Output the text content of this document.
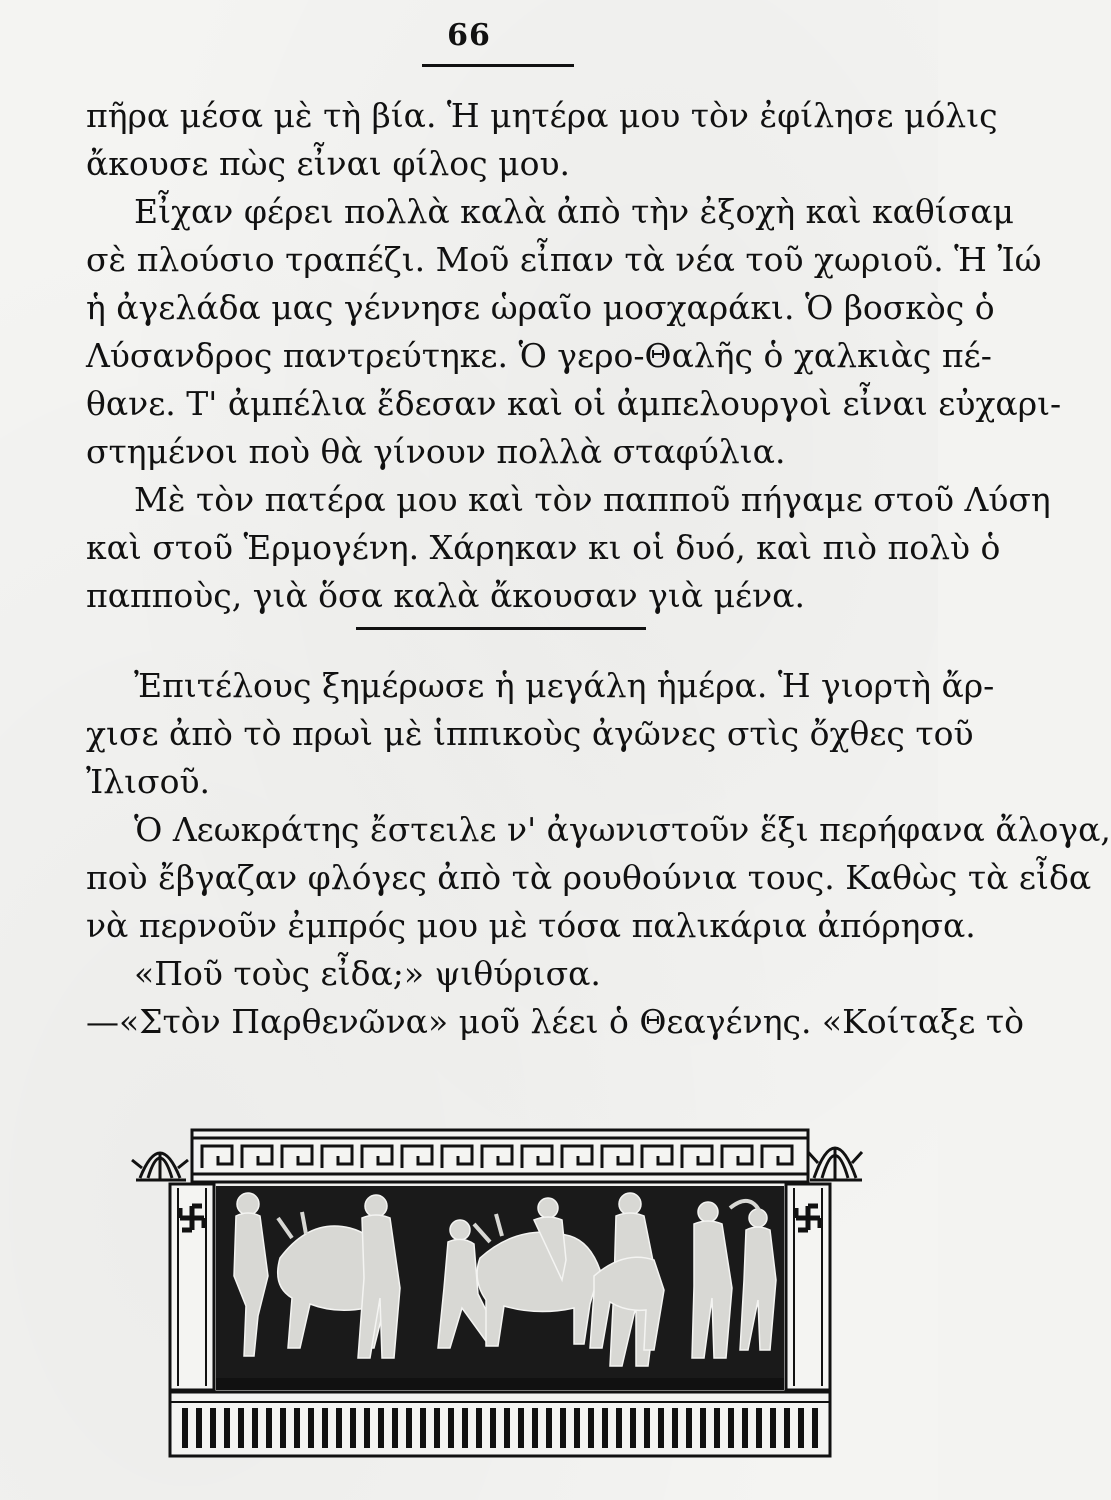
66
πῆρα μέσα μὲ τὴ βία. Ἡ μητέρα μου τὸν ἐφίλησε μόλις
ἄκουσε πὼς εἶναι φίλος μου.
Εἶχαν φέρει πολλὰ καλὰ ἀπὸ τὴν ἐξοχὴ καὶ καθίσαμ
σὲ πλούσιο τραπέζι. Μοῦ εἶπαν τὰ νέα τοῦ χωριοῦ. Ἡ Ἰώ
ἡ ἀγελάδα μας γέννησε ὡραῖο μοσχαράκι. Ὁ βοσκὸς ὁ
Λύσανδρος παντρεύτηκε. Ὁ γερο-Θαλῆς ὁ χαλκιὰς πέ-
θανε. Τ' ἀμπέλια ἔδεσαν καὶ οἱ ἀμπελουργοὶ εἶναι εὐχαρι-
στημένοι ποὺ θὰ γίνουν πολλὰ σταφύλια.
Μὲ τὸν πατέρα μου καὶ τὸν παπποῦ πήγαμε στοῦ Λύση
καὶ στοῦ Ἑρμογένη. Χάρηκαν κι οἱ δυό, καὶ πιὸ πολὺ ὁ
παπποὺς, γιὰ ὅσα καλὰ ἄκουσαν γιὰ μένα.
Ἐπιτέλους ξημέρωσε ἡ μεγάλη ἡμέρα. Ἡ γιορτὴ ἄρ-
χισε ἀπὸ τὸ πρωὶ μὲ ἱππικοὺς ἀγῶνες στὶς ὄχθες τοῦ
Ἰλισοῦ.
Ὁ Λεωκράτης ἔστειλε ν' ἀγωνιστοῦν ἕξι περήφανα ἄλογα,
ποὺ ἔβγαζαν φλόγες ἀπὸ τὰ ρουθούνια τους. Καθὼς τὰ εἶδα
νὰ περνοῦν ἐμπρός μου μὲ τόσα παλικάρια ἀπόρησα.
«Ποῦ τοὺς εἶδα;» ψιθύρισα.
—«Στὸν Παρθενῶνα» μοῦ λέει ὁ Θεαγένης. «Κοίταξε τὸ
